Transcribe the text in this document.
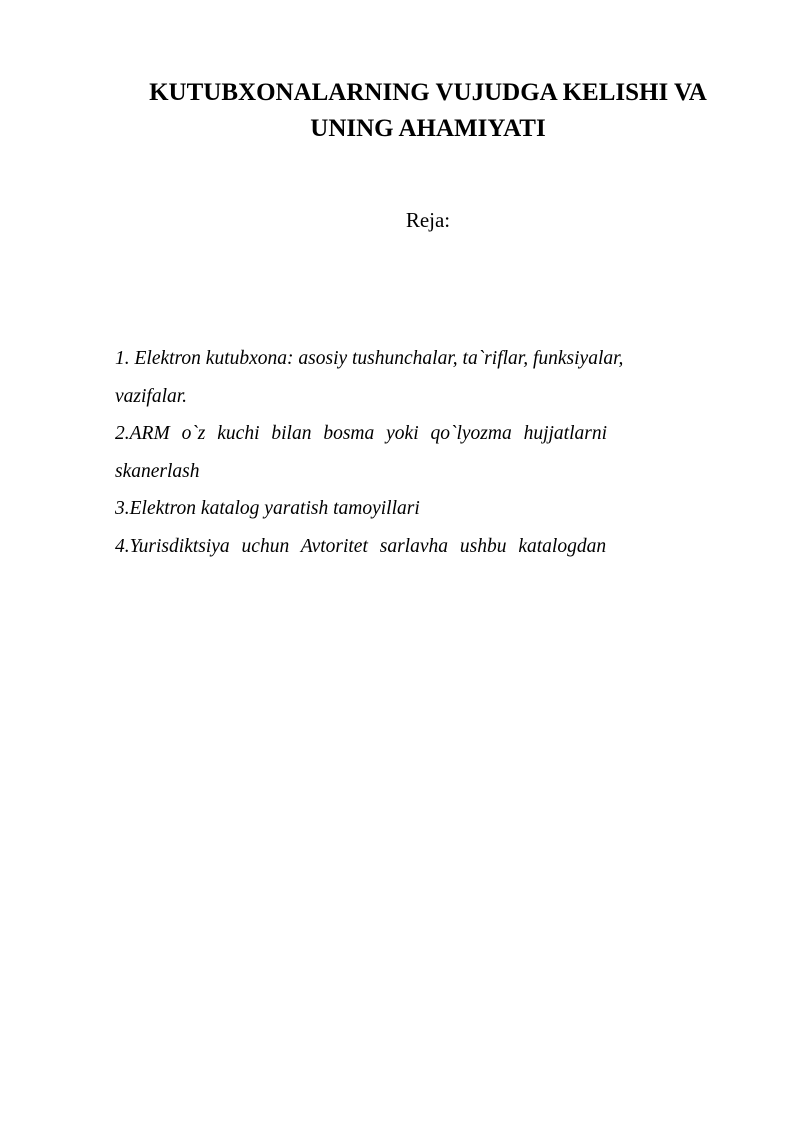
KUTUBXONALARNING VUJUDGA KELISHI VA
UNING AHAMIYATI
Reja:
1. Elektron kutubxona: asosiy tushunchalar, ta`riflar, funksiyalar,
vazifalar.
2.ARM o`z kuchi bilan bosma yoki qo`lyozma hujjatlarni
skanerlash
3.Elektron katalog yaratish tamoyillari
4.Yurisdiktsiya uchun Avtoritet sarlavha ushbu katalogdan
